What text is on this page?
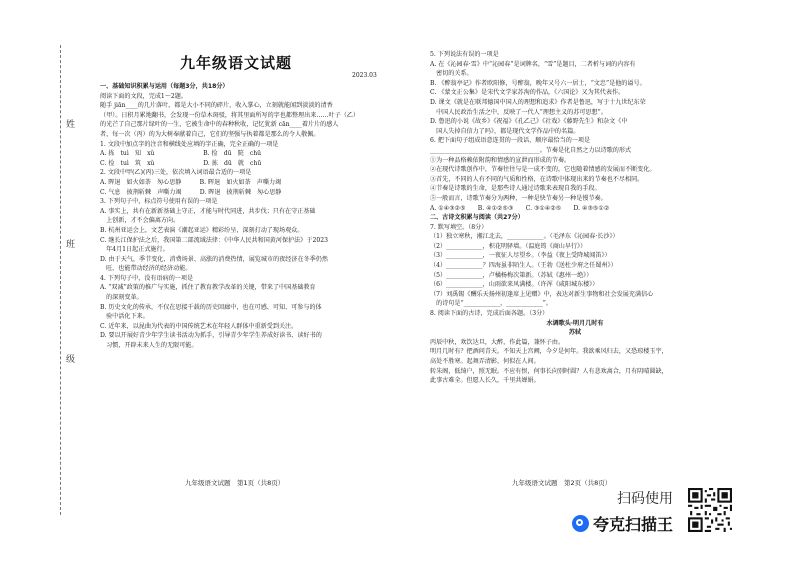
姓
班
级
九年级语文试题
2023.03

一、基础知识积累与运用（每题3分，共18分）

阅读下面的文段，完成1～2题。

随手 jiān____的几片落叶，都是大小不同的碎片，收入掌心，立刻就能闻到淡淡的清香

（甲）。日积月累地翻书，会发现一份草木斑驳，将其里面所写的字也都整理出来……叶子（乙）

的光芒了自己那片绿叶的一生，它被生命中的春种秋收，记忆犹新 cān____着片片的感人

者，每一次（丙）的为大树奉献着自己，它们的坚强与执着都是那么的令人敬佩。

1. 文段中加点字的注音和横线处应填的字正确，完全正确的一项是

A. 拣　tuì　知　xǔ　　　　　　　　B. 捡　dū　院　chū

C. 捡　tuì　筑　xǔ　　　　　　　　D. 拣　dū　就　chū

2. 文段中甲(乙)(丙)三处，依次填入词语最合适的一项是

A. 晖退　如火如荼　匆心思静　　　B. 晖退　如火如荼　声嘶力竭

C. 气息　披荆斩棘　声嘶力竭　　　D. 晖退　披荆斩棘　匆心思静

3. 下列句子中，标点符号使用有误的一项是

A. 事实上，共有在新新基础上守正，才能与时代同进，共步伐；只有在守正基础

　上创新，才不会偏离方向。

B. 杭州亚运会上，文艺表演《潮起亚运》精彩纷呈，深刻打动了现场观众。

C. 继长江保护法之后，我国第二部流域法律：《中华人民共和国黄河保护法》于2023

　年4月1日起正式施行。

D. 由于天气，季节变化、消费场景、高涨的消费热情，展览城市的夜经济在冬季仍然

　旺，也能带动经济的经济动能。

4. 下列句子中，没有语病的一项是

A. “双减”政策的推广与实施，抓住了教育教学改革的关键，带来了中国基础教育

　的深刻变革。

B. 历史文化的传承，不仅在思接千载的历史回廊中，也在可感、可知、可参与的体

　验中活化下来。

C. 近年来，以昆曲为代表的中国传统艺术在年轻人群体中重新受到关注。

D. 要以开展好青少年学生读书活动为抓手，引导青少年学生养成好读书、读好书的

　习惯，开辟未来人生的无限可能。

5. 下列说法有误的一项是

A. 在《沁园春·雪》中“沁园春”是词牌名，“雪”是题目，二者析与词的内容有

　密切的关系。

B. 《醉翁亭记》作者欧阳修，号醉翁，晚年又号六一居士，“文忠”是他的谥号。

C. 《蒙文正公集》是宋代文学家苏洵的作品，《六国论》又为其代表作。

D. 课文《就是在联邦德国中国人的理想和追求》作者是鲁迅，写于十九世纪东荣

　中国人民政治生活之中，反映了一代人“理想主义的苏可思想”。

D. 鲁迅的小说《故乡》《祝福》《孔乙己》《社戏》《藤野先生》和杂文《中

　国人失掉自信力了吗》，都是现代文学作品中的名篇。

6. 把下面句子组成语意连贯的一段话，顺序最恰当的一项是

____________________________________。节奏是化自然之力以诗歌的形式

①为一种品格赖依附韵和情感的宣泄而形成的节奏。

②在现代诗歌创作中，节奏往往与是一成不变的，它也随着情感的发展而不断变化。

③首先，不同的人有不同的气质和性格，在诗歌中体现出来的节奏也不尽相同。

④节奏是诗歌的生命，是那些诗人通过诗歌来表现自我的手段。

⑤一般而言，诗歌节奏分为两种，一种是快节奏另一种是慢节奏。

A. ①④③②⑤　　B. ④①②⑤③　　C. ③①④②⑤　　D. ④③⑤①②

二、古诗文积累与阅读（共27分）

7. 默写填空。（8分）

（1）独立寒秋，湘江北去，____________。（毛泽东《沁园春·长沙》）

（2）____________，枳花明驿墙。（温庭筠《商山早行》）

（3）____________，一夜征人尽望乡。（李益《夜上受降城闻笛》）

（4）____________？四海虽非陌生人。（王勃《送杜少府之任蜀州》）

（5）____________，卢橘杨梅次第新。（苏轼《惠州一绝》）

（6）____________，山雨欲来风满楼。（许浑《咸阳城东楼》）

（7）刘禹锡《酬乐天扬州初逢席上见赠》中，表达对新生事物和社会发展充满信心

　的诗句是“____________，____________”。

8. 阅读下面的古诗，完成后面各题。（3分）

水调歌头·明月几时有

苏轼

丙辰中秋，欢饮达旦，大醉，作此篇，兼怀子由。

明月几时有？把酒问青天。不知天上宫阙，今夕是何年。我欲乘风归去，又恐琼楼玉宇，

高处不胜寒。起舞弄清影，何似在人间。

转朱阁，低绮户，照无眠。不应有恨，何事长向别时圆？人有悲欢离合，月有阴晴圆缺，

此事古难全。但愿人长久，千里共婵娟。

九年级语文试题　第1页（共8页）	九年级语文试题　第2页（共8页）
扫码使用
夸克扫描王
